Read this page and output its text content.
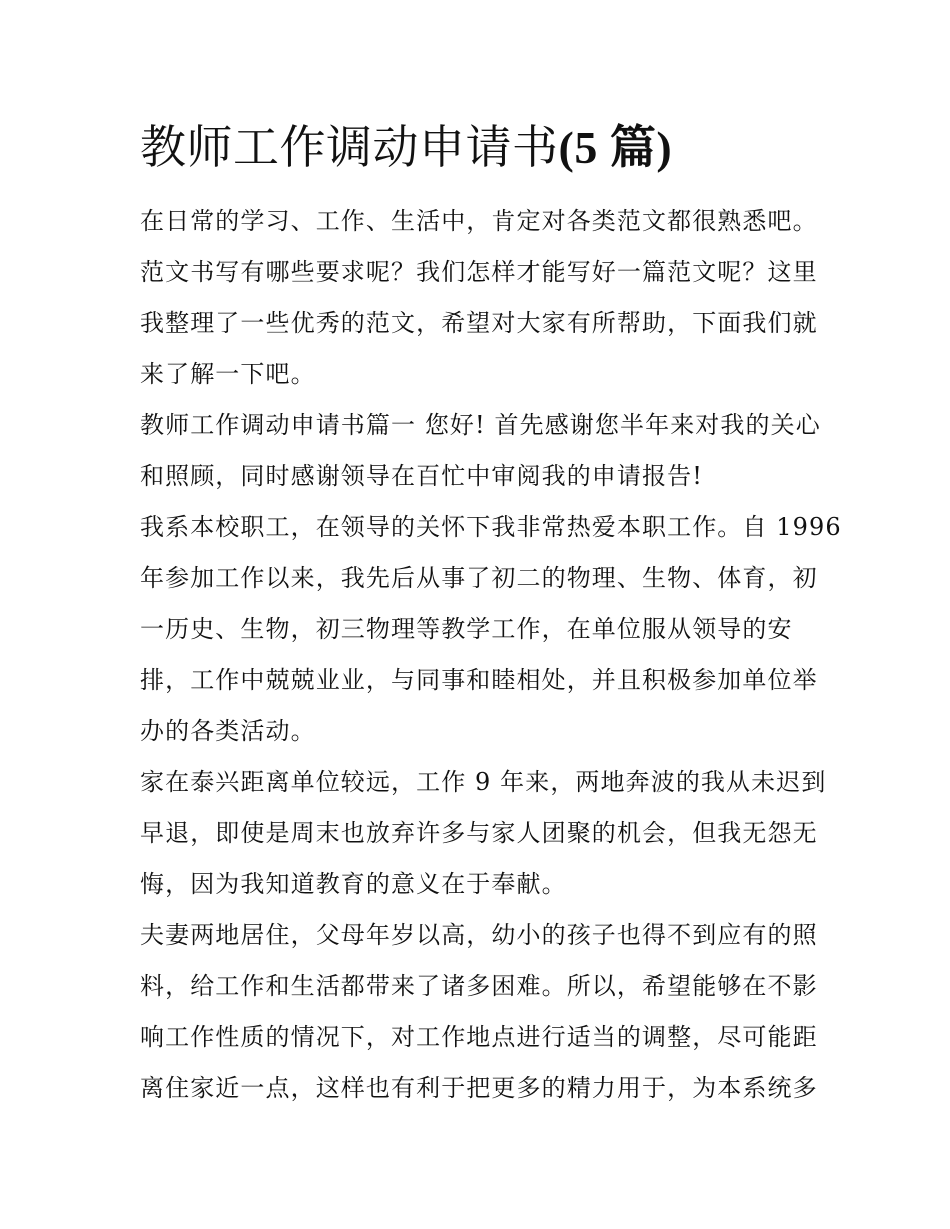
教师工作调动申请书(5 篇)
在日常的学习、工作、生活中，肯定对各类范文都很熟悉吧。
范文书写有哪些要求呢？我们怎样才能写好一篇范文呢？这里
我整理了一些优秀的范文，希望对大家有所帮助，下面我们就
来了解一下吧。
教师工作调动申请书篇一 您好! 首先感谢您半年来对我的关心
和照顾，同时感谢领导在百忙中审阅我的申请报告!
我系本校职工，在领导的关怀下我非常热爱本职工作。自 1996
年参加工作以来，我先后从事了初二的物理、生物、体育，初
一历史、生物，初三物理等教学工作，在单位服从领导的安
排，工作中兢兢业业，与同事和睦相处，并且积极参加单位举
办的各类活动。
家在泰兴距离单位较远，工作 9 年来，两地奔波的我从未迟到
早退，即使是周末也放弃许多与家人团聚的机会，但我无怨无
悔，因为我知道教育的意义在于奉献。
夫妻两地居住，父母年岁以高，幼小的孩子也得不到应有的照
料，给工作和生活都带来了诸多困难。所以，希望能够在不影
响工作性质的情况下，对工作地点进行适当的调整，尽可能距
离住家近一点，这样也有利于把更多的精力用于，为本系统多
